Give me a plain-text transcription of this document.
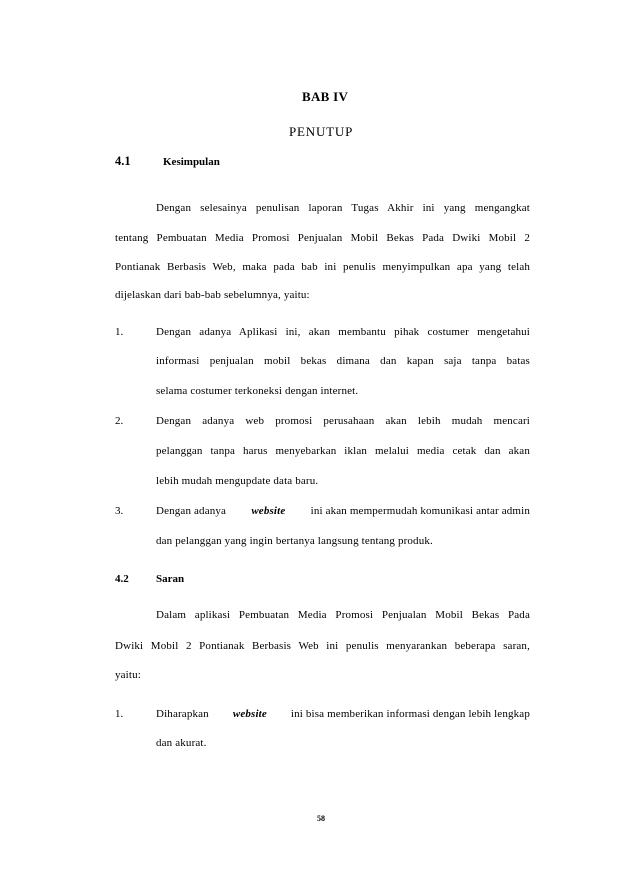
BAB IV
PENUTUP
4.1	Kesimpulan
Dengan selesainya penulisan laporan Tugas Akhir ini yang mengangkat
tentang Pembuatan Media Promosi Penjualan Mobil Bekas Pada Dwiki Mobil 2
Pontianak Berbasis Web, maka pada bab ini penulis menyimpulkan apa yang telah
dijelaskan dari bab-bab sebelumnya, yaitu:
1.	Dengan adanya Aplikasi ini, akan membantu pihak costumer mengetahui
informasi penjualan mobil bekas dimana dan kapan saja tanpa batas
selama costumer terkoneksi dengan internet.
2.	Dengan adanya web promosi perusahaan akan lebih mudah mencari
pelanggan tanpa harus menyebarkan iklan melalui media cetak dan akan
lebih mudah mengupdate data baru.
3.	Dengan adanya website ini akan mempermudah komunikasi antar admin
dan pelanggan yang ingin bertanya langsung tentang produk.
4.2 Saran
Dalam aplikasi Pembuatan Media Promosi Penjualan Mobil Bekas Pada
Dwiki Mobil 2 Pontianak Berbasis Web ini penulis menyarankan beberapa saran,
yaitu:
1.	Diharapkan website ini bisa memberikan informasi dengan lebih lengkap
dan akurat.
58
